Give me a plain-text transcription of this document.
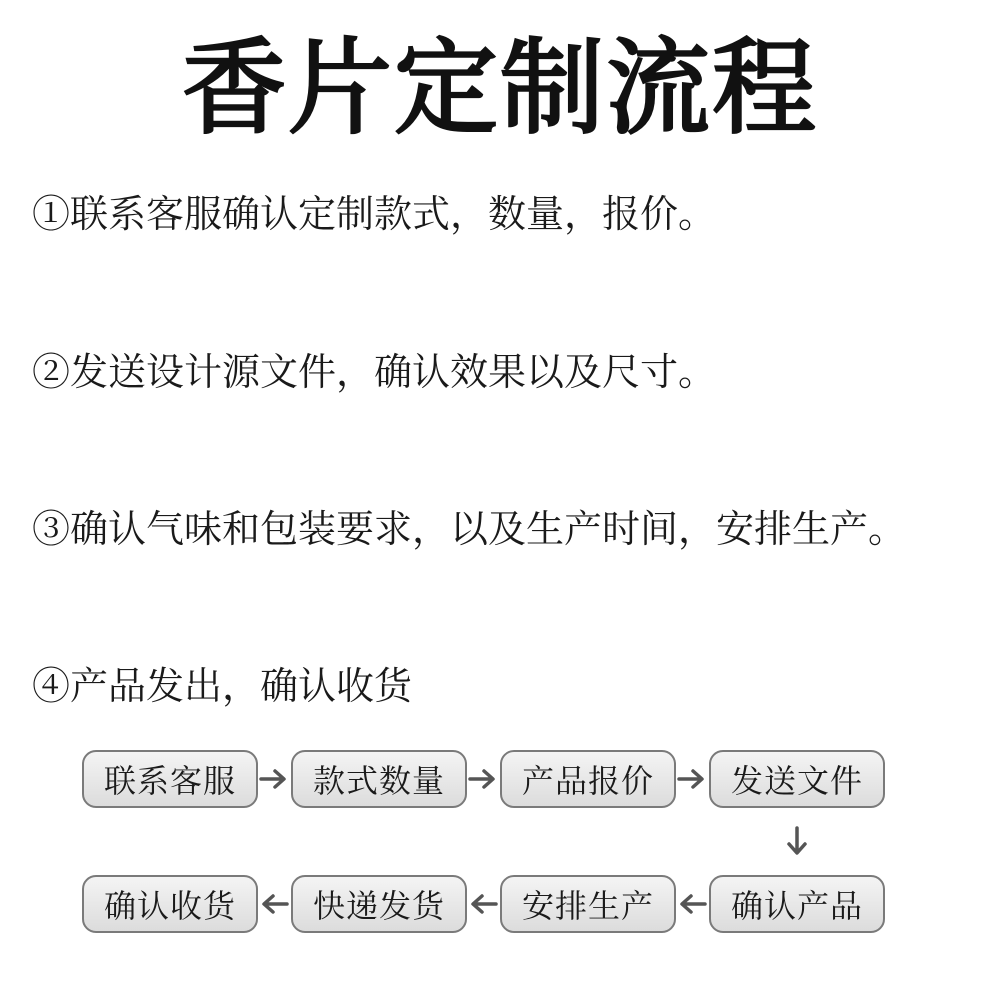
香片定制流程
①联系客服确认定制款式，数量，报价。
②发送设计源文件，确认效果以及尺寸。
③确认气味和包装要求，以及生产时间，安排生产。
④产品发出，确认收货
联系客服	款式数量	产品报价	发送文件
确认收货	快递发货	安排生产	确认产品
